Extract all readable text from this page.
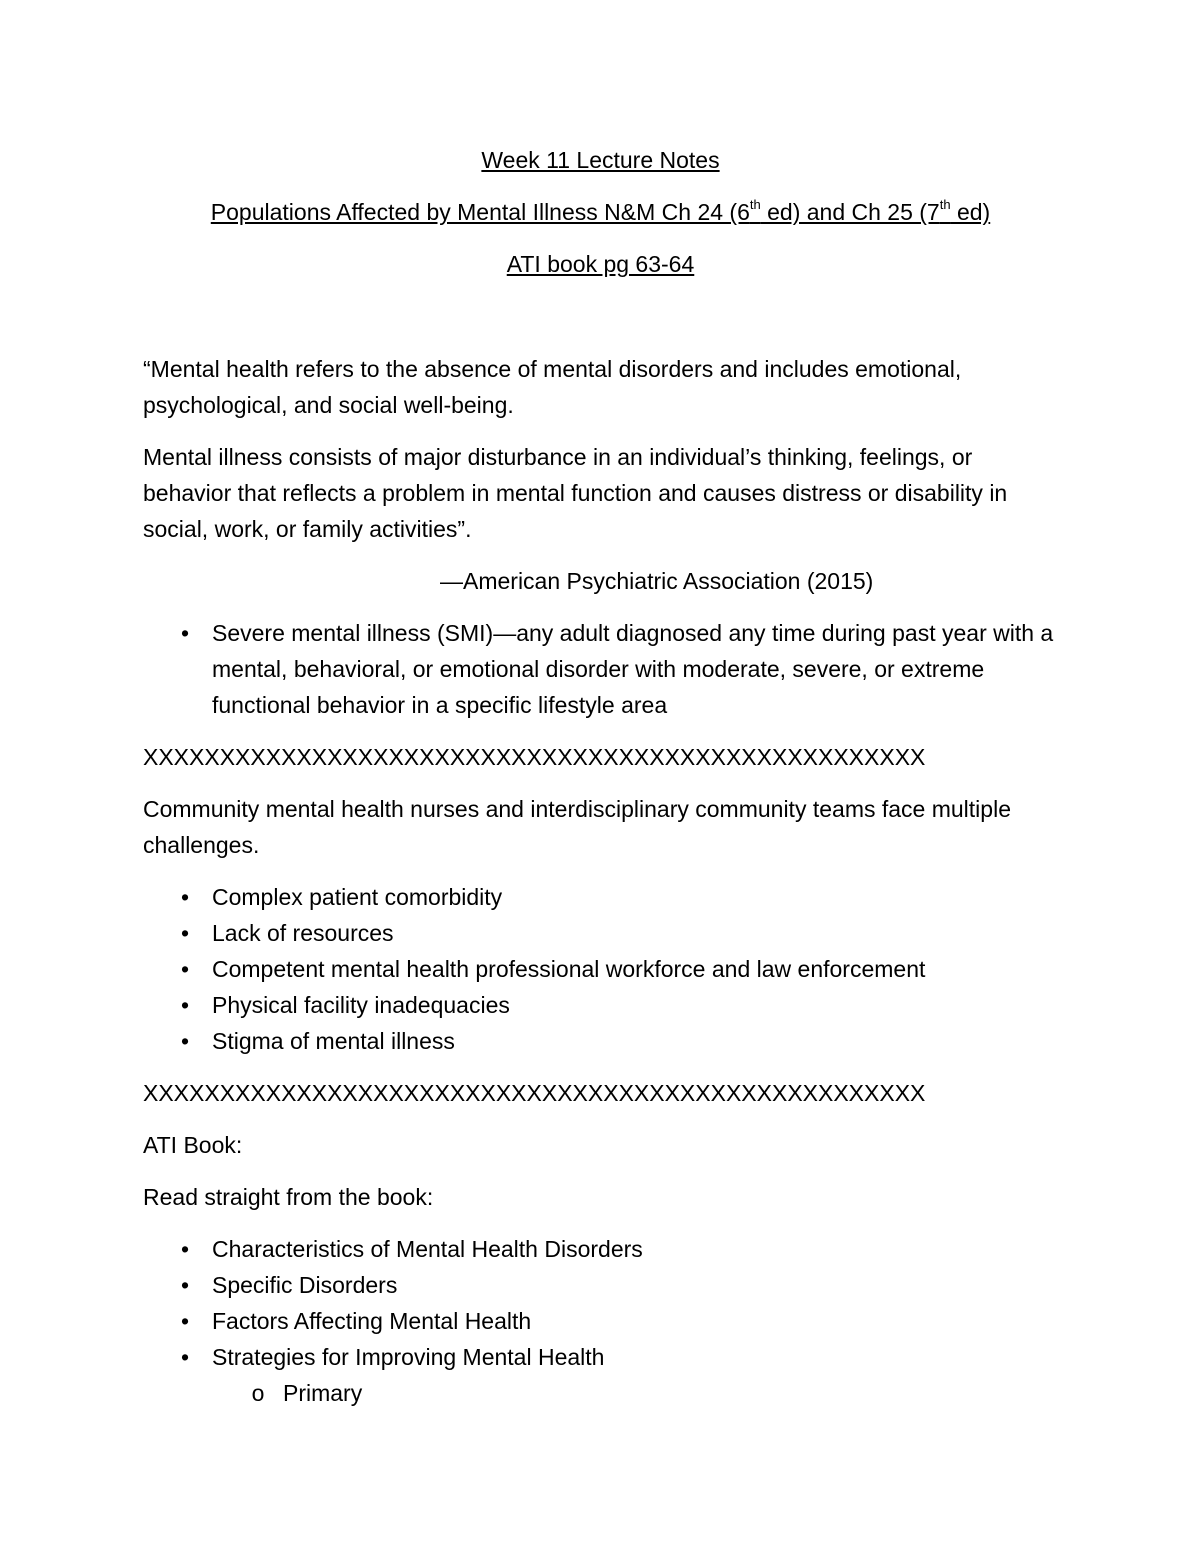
Week 11 Lecture Notes

Populations Affected by Mental Illness N&M Ch 24 (6th ed) and Ch 25 (7th ed)

ATI book pg 63-64

“Mental health refers to the absence of mental disorders and includes emotional, psychological, and social well-being.

Mental illness consists of major disturbance in an individual’s thinking, feelings, or behavior that reflects a problem in mental function and causes distress or disability in social, work, or family activities”.

—American Psychiatric Association (2015)

• Severe mental illness (SMI)—any adult diagnosed any time during past year with a mental, behavioral, or emotional disorder with moderate, severe, or extreme functional behavior in a specific lifestyle area

XXXXXXXXXXXXXXXXXXXXXXXXXXXXXXXXXXXXXXXXXXXXXXXXXXX

Community mental health nurses and interdisciplinary community teams face multiple challenges.

• Complex patient comorbidity
• Lack of resources
• Competent mental health professional workforce and law enforcement
• Physical facility inadequacies
• Stigma of mental illness

XXXXXXXXXXXXXXXXXXXXXXXXXXXXXXXXXXXXXXXXXXXXXXXXXXX

ATI Book:

Read straight from the book:

• Characteristics of Mental Health Disorders
• Specific Disorders
• Factors Affecting Mental Health
• Strategies for Improving Mental Health
o Primary
